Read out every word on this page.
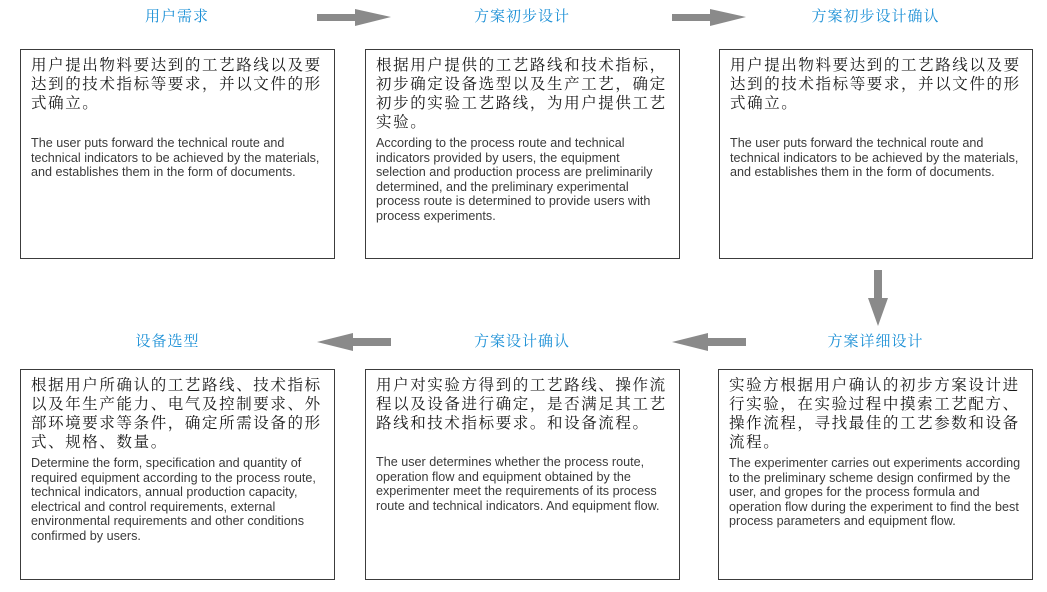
用户需求	方案初步设计	方案初步设计确认

用户提出物料要达到的工艺路线以及要达到的技术指标等要求，并以文件的形式确立。

The user puts forward the technical route and technical indicators to be achieved by the materials, and establishes them in the form of documents.

根据用户提供的工艺路线和技术指标，初步确定设备选型以及生产工艺，确定初步的实验工艺路线，为用户提供工艺实验。

According to the process route and technical indicators provided by users, the equipment selection and production process are preliminarily determined, and the preliminary experimental process route is determined to provide users with process experiments.

用户提出物料要达到的工艺路线以及要达到的技术指标等要求，并以文件的形式确立。

The user puts forward the technical route and technical indicators to be achieved by the materials, and establishes them in the form of documents.

设备选型	方案设计确认	方案详细设计

根据用户所确认的工艺路线、技术指标以及年生产能力、电气及控制要求、外部环境要求等条件，确定所需设备的形式、规格、数量。

Determine the form, specification and quantity of required equipment according to the process route, technical indicators, annual production capacity, electrical and control requirements, external environmental requirements and other conditions confirmed by users.

用户对实验方得到的工艺路线、操作流程以及设备进行确定，是否满足其工艺路线和技术指标要求。和设备流程。

The user determines whether the process route, operation flow and equipment obtained by the experimenter meet the requirements of its process route and technical indicators. And equipment flow.

实验方根据用户确认的初步方案设计进行实验，在实验过程中摸索工艺配方、操作流程，寻找最佳的工艺参数和设备流程。

The experimenter carries out experiments according to the preliminary scheme design confirmed by the user, and gropes for the process formula and operation flow during the experiment to find the best process parameters and equipment flow.
